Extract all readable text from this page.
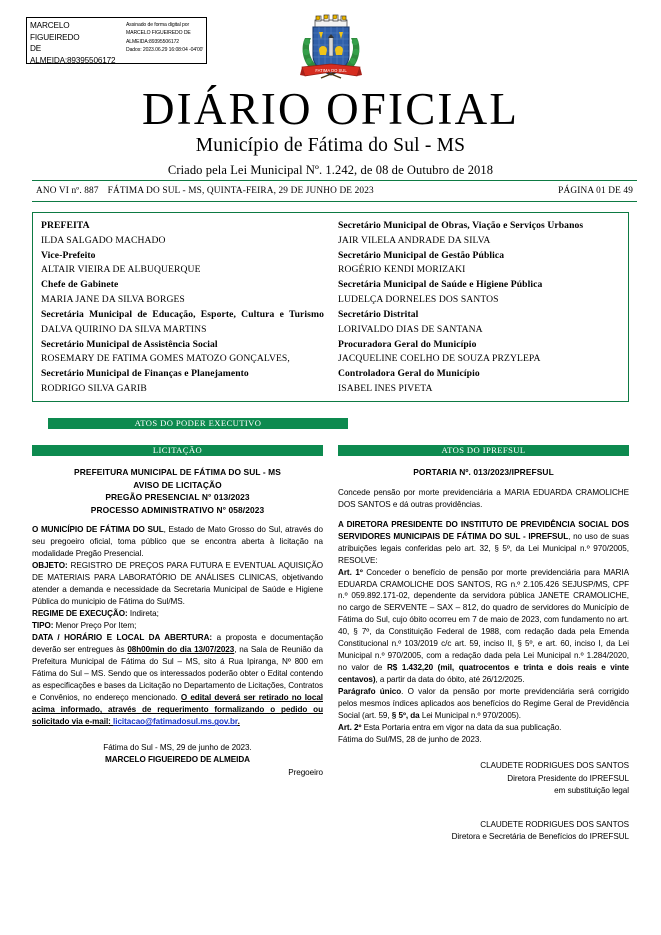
MARCELO FIGUEIREDO
DE
ALMEIDA:89395506172
∫ Assinado de forma digital por
MARCELO FIGUEIREDO DE
ALMEIDA:89395506172
Dados: 2023.06.29 16:08:04 -04'00'
FATIMA DO SUL
DIÁRIO OFICIAL
Município de Fátima do Sul - MS
Criado pela Lei Municipal Nº. 1.242, de 08 de Outubro de 2018
ANO VI nº. 887 FÁTIMA DO SUL - MS, QUINTA-FEIRA, 29 DE JUNHO DE 2023	PÁGINA 01 DE 49
PREFEITA
ILDA SALGADO MACHADO
Vice-Prefeito
ALTAIR VIEIRA DE ALBUQUERQUE
Chefe de Gabinete
MARIA JANE DA SILVA BORGES
Secretária Municipal de Educação, Esporte, Cultura e Turismo
DALVA QUIRINO DA SILVA MARTINS
Secretário Municipal de Assistência Social
ROSEMARY DE FATIMA GOMES MATOZO GONÇALVES,
Secretário Municipal de Finanças e Planejamento
RODRIGO SILVA GARIB
Secretário Municipal de Obras, Viação e Serviços Urbanos
JAIR VILELA ANDRADE DA SILVA
Secretário Municipal de Gestão Pública
ROGÉRIO KENDI MORIZAKI
Secretária Municipal de Saúde e Higiene Pública
LUDELÇA DORNELES DOS SANTOS
Secretário Distrital
LORIVALDO DIAS DE SANTANA
Procuradora Geral do Município
JACQUELINE COELHO DE SOUZA PRZYLEPA
Controladora Geral do Município
ISABEL INES PIVETA
ATOS DO PODER EXECUTIVO
LICITAÇÃO	ATOS DO IPREFSUL
PREFEITURA MUNICIPAL DE FÁTIMA DO SUL - MS
AVISO DE LICITAÇÃO
PREGÃO PRESENCIAL N° 013/2023
PROCESSO ADMINISTRATIVO N° 058/2023

O MUNICÍPIO DE FÁTIMA DO SUL, Estado de Mato Grosso do Sul, através do seu pregoeiro oficial, toma público que se encontra aberta à licitação na modalidade Pregão Presencial.

OBJETO: REGISTRO DE PREÇOS PARA FUTURA E EVENTUAL AQUISIÇÃO DE MATERIAIS PARA LABORATÓRIO DE ANÁLISES CLINICAS, objetivando atender a demanda e necessidade da Secretaria Municipal de Saúde e Higiene Pública do municipio de Fátima do Sul/MS.

REGIME DE EXECUÇÃO: Indireta;

TIPO: Menor Preço Por Item;

DATA / HORÁRIO E LOCAL DA ABERTURA: a proposta e documentação deverão ser entregues às 08h00min do dia 13/07/2023, na Sala de Reunião da Prefeitura Municipal de Fátima do Sul – MS, sito á Rua Ipiranga, Nº 800 em Fátima do Sul – MS. Sendo que os interessados poderão obter o Edital contendo as especificações e bases da Licitação no Departamento de Licitações, Contratos e Convênios, no endereço mencionado. O edital deverá ser retirado no local acima informado, através de requerimento formalizando o pedido ou solicitado via e-mail: licitacao@fatimadosul.ms.gov.br.

Fátima do Sul - MS, 29 de junho de 2023.
MARCELO FIGUEIREDO DE ALMEIDA
Pregoeiro
PORTARIA Nº. 013/2023/IPREFSUL

Concede pensão por morte previdenciária a MARIA EDUARDA CRAMOLICHE DOS SANTOS e dá outras providências.

A DIRETORA PRESIDENTE DO INSTITUTO DE PREVIDÊNCIA SOCIAL DOS SERVIDORES MUNICIPAIS DE FÁTIMA DO SUL - IPREFSUL, no uso de suas atribuições legais conferidas pelo art. 32, § 5º, da Lei Municipal n.º 970/2005, RESOLVE:

Art. 1º Conceder o benefício de pensão por morte previdenciária para MARIA EDUARDA CRAMOLICHE DOS SANTOS, RG n.º 2.105.426 SEJUSP/MS, CPF n.º 059.892.171-02, dependente da servidora pública JANETE CRAMOLICHE, no cargo de SERVENTE – SAX – 812, do quadro de servidores do Município de Fátima do Sul, cujo óbito ocorreu em 7 de maio de 2023, com fundamento no art. 40, § 7º, da Constituição Federal de 1988, com redação dada pela Emenda Constitucional n.º 103/2019 c/c art. 59, inciso II, § 5º, e art. 60, inciso I, da Lei Municipal n.º 970/2005, com a redação dada pela Lei Municipal n.º 1.284/2020, no valor de R$ 1.432,20 (mil, quatrocentos e trinta e dois reais e vinte centavos), a partir da data do óbito, até 26/12/2025.

Parágrafo único. O valor da pensão por morte previdenciária será corrigido pelos mesmos índices aplicados aos benefícios do Regime Geral de Previdência Social (art. 59, § 5º, da Lei Municipal n.º 970/2005).

Art. 2º Esta Portaria entra em vigor na data da sua publicação.

Fátima do Sul/MS, 28 de junho de 2023.

CLAUDETE RODRIGUES DOS SANTOS
Diretora Presidente do IPREFSUL
em substituição legal
CLAUDETE RODRIGUES DOS SANTOS
Diretora e Secretária de Benefícios do IPREFSUL
